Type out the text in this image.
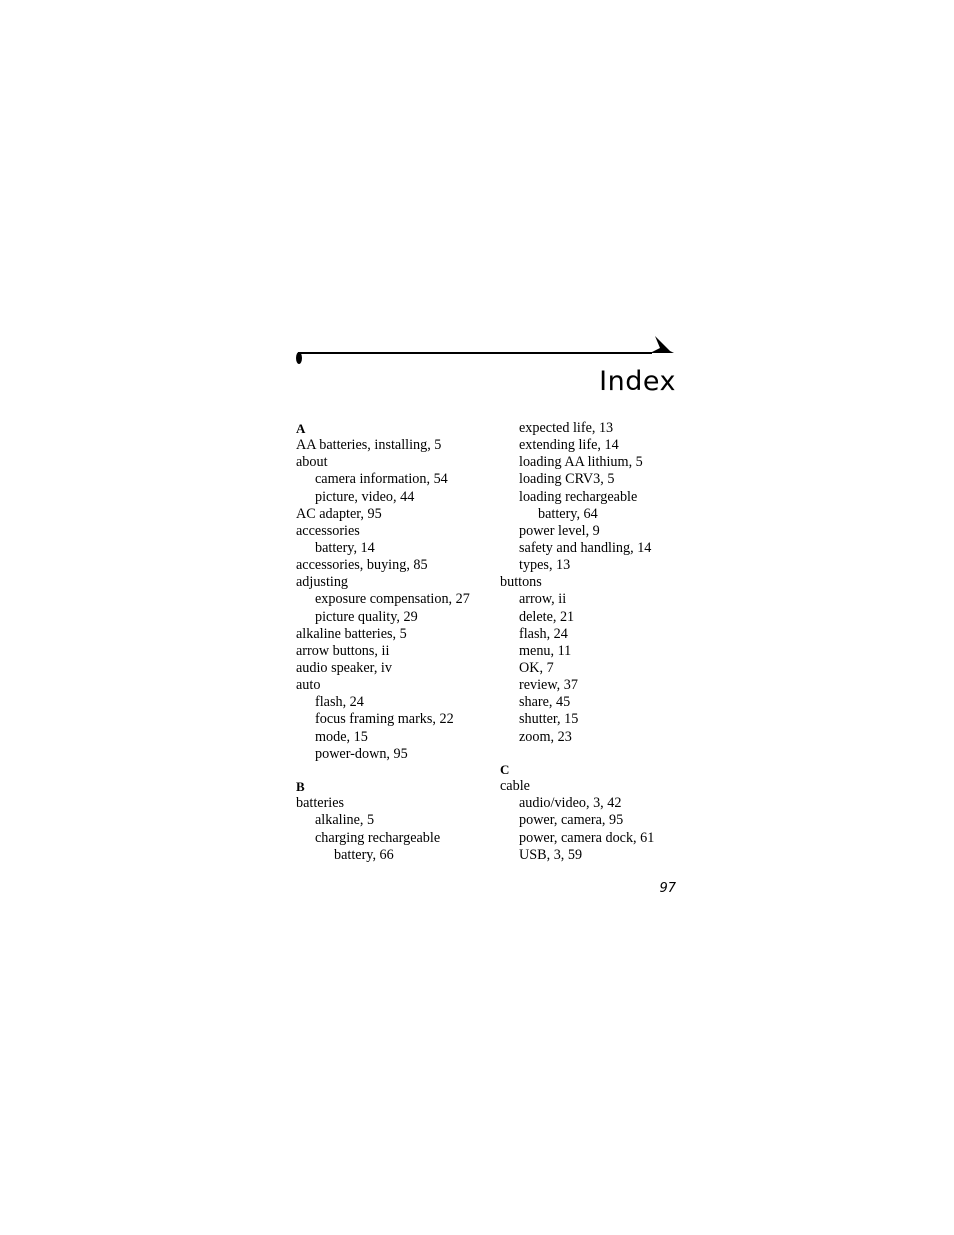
Index
A
AA batteries, installing, 5
about
camera information, 54
picture, video, 44
AC adapter, 95
accessories
battery, 14
accessories, buying, 85
adjusting
exposure compensation, 27
picture quality, 29
alkaline batteries, 5
arrow buttons, ii
audio speaker, iv
auto
flash, 24
focus framing marks, 22
mode, 15
power-down, 95
B
batteries
alkaline, 5
charging rechargeable
battery, 66
expected life, 13
extending life, 14
loading AA lithium, 5
loading CRV3, 5
loading rechargeable
battery, 64
power level, 9
safety and handling, 14
types, 13
buttons
arrow, ii
delete, 21
flash, 24
menu, 11
OK, 7
review, 37
share, 45
shutter, 15
zoom, 23
C
cable
audio/video, 3, 42
power, camera, 95
power, camera dock, 61
USB, 3, 59
97
